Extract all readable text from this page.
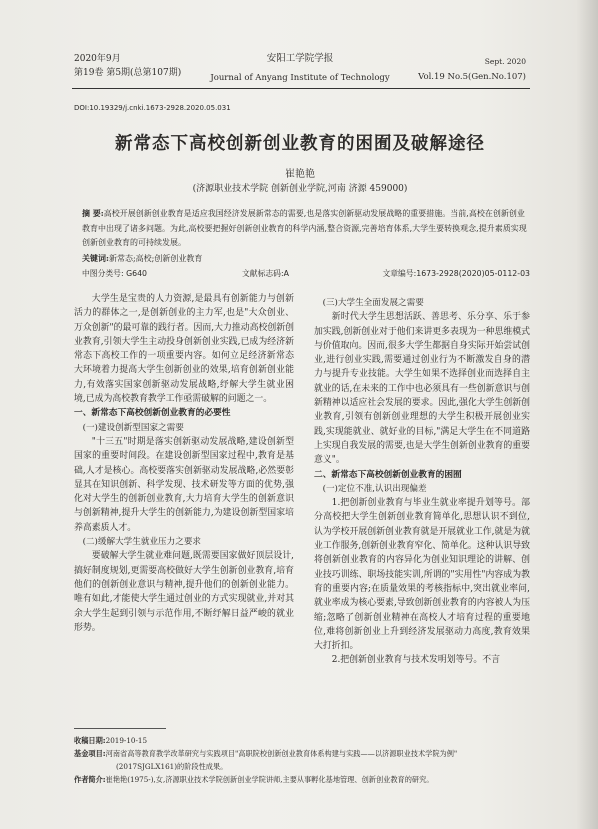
2020年9月
第19卷 第5期(总第107期)
安阳工学院学报
Journal of Anyang Institute of Technology
Sept. 2020
Vol.19 No.5(Gen.No.107)
DOI:10.19329/j.cnki.1673-2928.2020.05.031
新常态下高校创新创业教育的困囿及破解途径
崔艳艳
(济源职业技术学院 创新创业学院,河南 济源 459000)
摘 要:高校开展创新创业教育是适应我国经济发展新常态的需要,也是落实创新驱动发展战略的重要措施。当前,高校在创新创业教育中出现了诸多问题。为此,高校要把握好创新创业教育的科学内涵,整合资源,完善培育体系,大学生要转换观念,提升素质实现创新创业教育的可持续发展。
关键词:新常态;高校;创新创业教育
中图分类号: G640	文献标志码:A	文章编号:1673-2928(2020)05-0112-03

大学生是宝贵的人力资源,是最具有创新能力与创新活力的群体之一,是创新创业的主力军,也是"大众创业、万众创新"的最可靠的践行者。因而,大力推动高校创新创业教育,引领大学生主动投身创新创业实践,已成为经济新常态下高校工作的一项重要内容。如何立足经济新常态大环境着力提高大学生创新创业的效果,培育创新创业能力,有效落实国家创新驱动发展战略,纾解大学生就业困境,已成为高校教育教学工作亟需破解的问题之一。

一、新常态下高校创新创业教育的必要性

(一)建设创新型国家之需要

"十三五"时期是落实创新驱动发展战略,建设创新型国家的重要时间段。在建设创新型国家过程中,教育是基础,人才是核心。高校要落实创新驱动发展战略,必然要彰显其在知识创新、科学发现、技术研发等方面的优势,强化对大学生的创新创业教育,大力培育大学生的创新意识与创新精神,提升大学生的创新能力,为建设创新型国家培养高素质人才。

(二)缓解大学生就业压力之要求

要破解大学生就业难问题,既需要国家做好顶层设计,搞好制度规划,更需要高校做好大学生创新创业教育,培育他们的创新创业意识与精神,提升他们的创新创业能力。唯有如此,才能使大学生通过创业的方式实现就业,并对其余大学生起到引领与示范作用,不断纾解日益严峻的就业形势。

(三)大学生全面发展之需要

新时代大学生思想活跃、善思考、乐分享、乐于参加实践,创新创业对于他们来讲更多表现为一种思维模式与价值取向。因而,很多大学生都据自身实际开始尝试创业,进行创业实践,需要通过创业行为不断激发自身的潜力与提升专业技能。大学生如果不选择创业而选择自主就业的话,在未来的工作中也必须具有一些创新意识与创新精神以适应社会发展的要求。因此,强化大学生创新创业教育,引领有创新创业理想的大学生积极开展创业实践,实现能就业、就好业的目标,"满足大学生在不同道路上实现自我发展的需要,也是大学生创新创业教育的重要意义"。

二、新常态下高校创新创业教育的困囿

(一)定位不准,认识出现偏差

1.把创新创业教育与毕业生就业率提升划等号。部分高校把大学生创新创业教育简单化,思想认识不到位,认为学校开展创新创业教育就是开展就业工作,就是为就业工作服务,创新创业教育窄化、简单化。这种认识导致将创新创业教育的内容异化为创业知识理论的讲解、创业技巧训练、职场技能实训,所谓的"实用性"内容成为教育的重要内容;在质量效果的考核指标中,突出就业率问,就业率成为核心要素,导致创新创业教育的内容被人为压缩;忽略了创新创业精神在高校人才培育过程的重要地位,难将创新创业上升到经济发展驱动力高度,教育效果大打折扣。

2.把创新创业教育与技术发明划等号。不言

收稿日期:2019-10-15
基金项目:河南省高等教育教学改革研究与实践项目"高职院校创新创业教育体系构建与实践——以济源职业技术学院为例"
(2017SJGLX161)的阶段性成果。
作者简介:崔艳艳(1975-),女,济源职业技术学院创新创业学院讲师,主要从事孵化基地管理、创新创业教育的研究。
